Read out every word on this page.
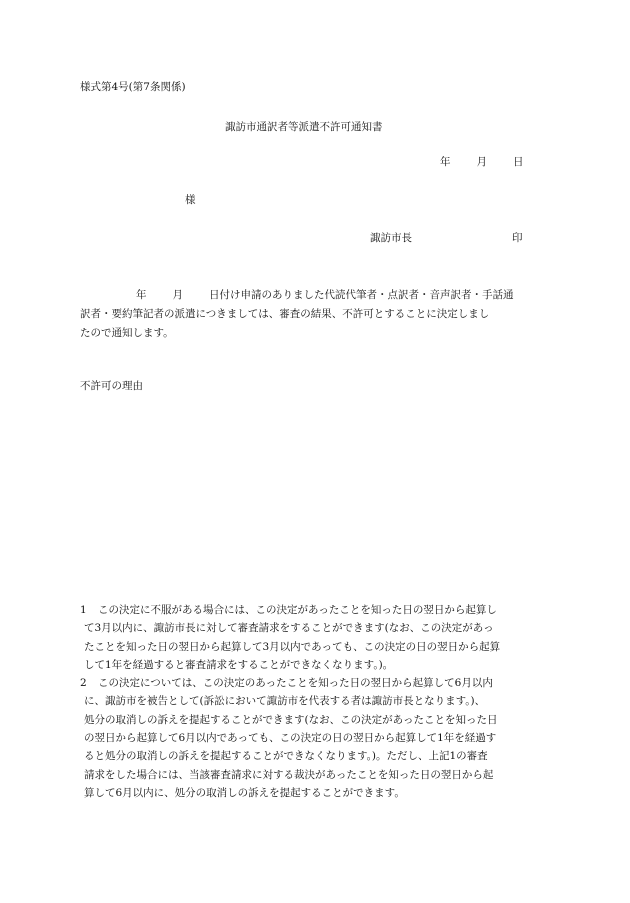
様式第4号(第7条関係)
諏訪市通訳者等派遣不許可通知書
年 月 日
様
諏訪市長	印
年 月 日付け申請のありました代読代筆者・点訳者・音声訳者・手話通
訳者・要約筆記者の派遣につきましては、審査の結果、不許可とすることに決定しまし
たので通知します。
不許可の理由
1 この決定に不服がある場合には、この決定があったことを知った日の翌日から起算し
て3月以内に、諏訪市長に対して審査請求をすることができます(なお、この決定があっ
たことを知った日の翌日から起算して3月以内であっても、この決定の日の翌日から起算
して1年を経過すると審査請求をすることができなくなります。)。
2 この決定については、この決定のあったことを知った日の翌日から起算して6月以内
に、諏訪市を被告として(訴訟において諏訪市を代表する者は諏訪市長となります。)、
処分の取消しの訴えを提起することができます(なお、この決定があったことを知った日
の翌日から起算して6月以内であっても、この決定の日の翌日から起算して1年を経過す
ると処分の取消しの訴えを提起することができなくなります。)。ただし、上記1の審査
請求をした場合には、当該審査請求に対する裁決があったことを知った日の翌日から起
算して6月以内に、処分の取消しの訴えを提起することができます。
